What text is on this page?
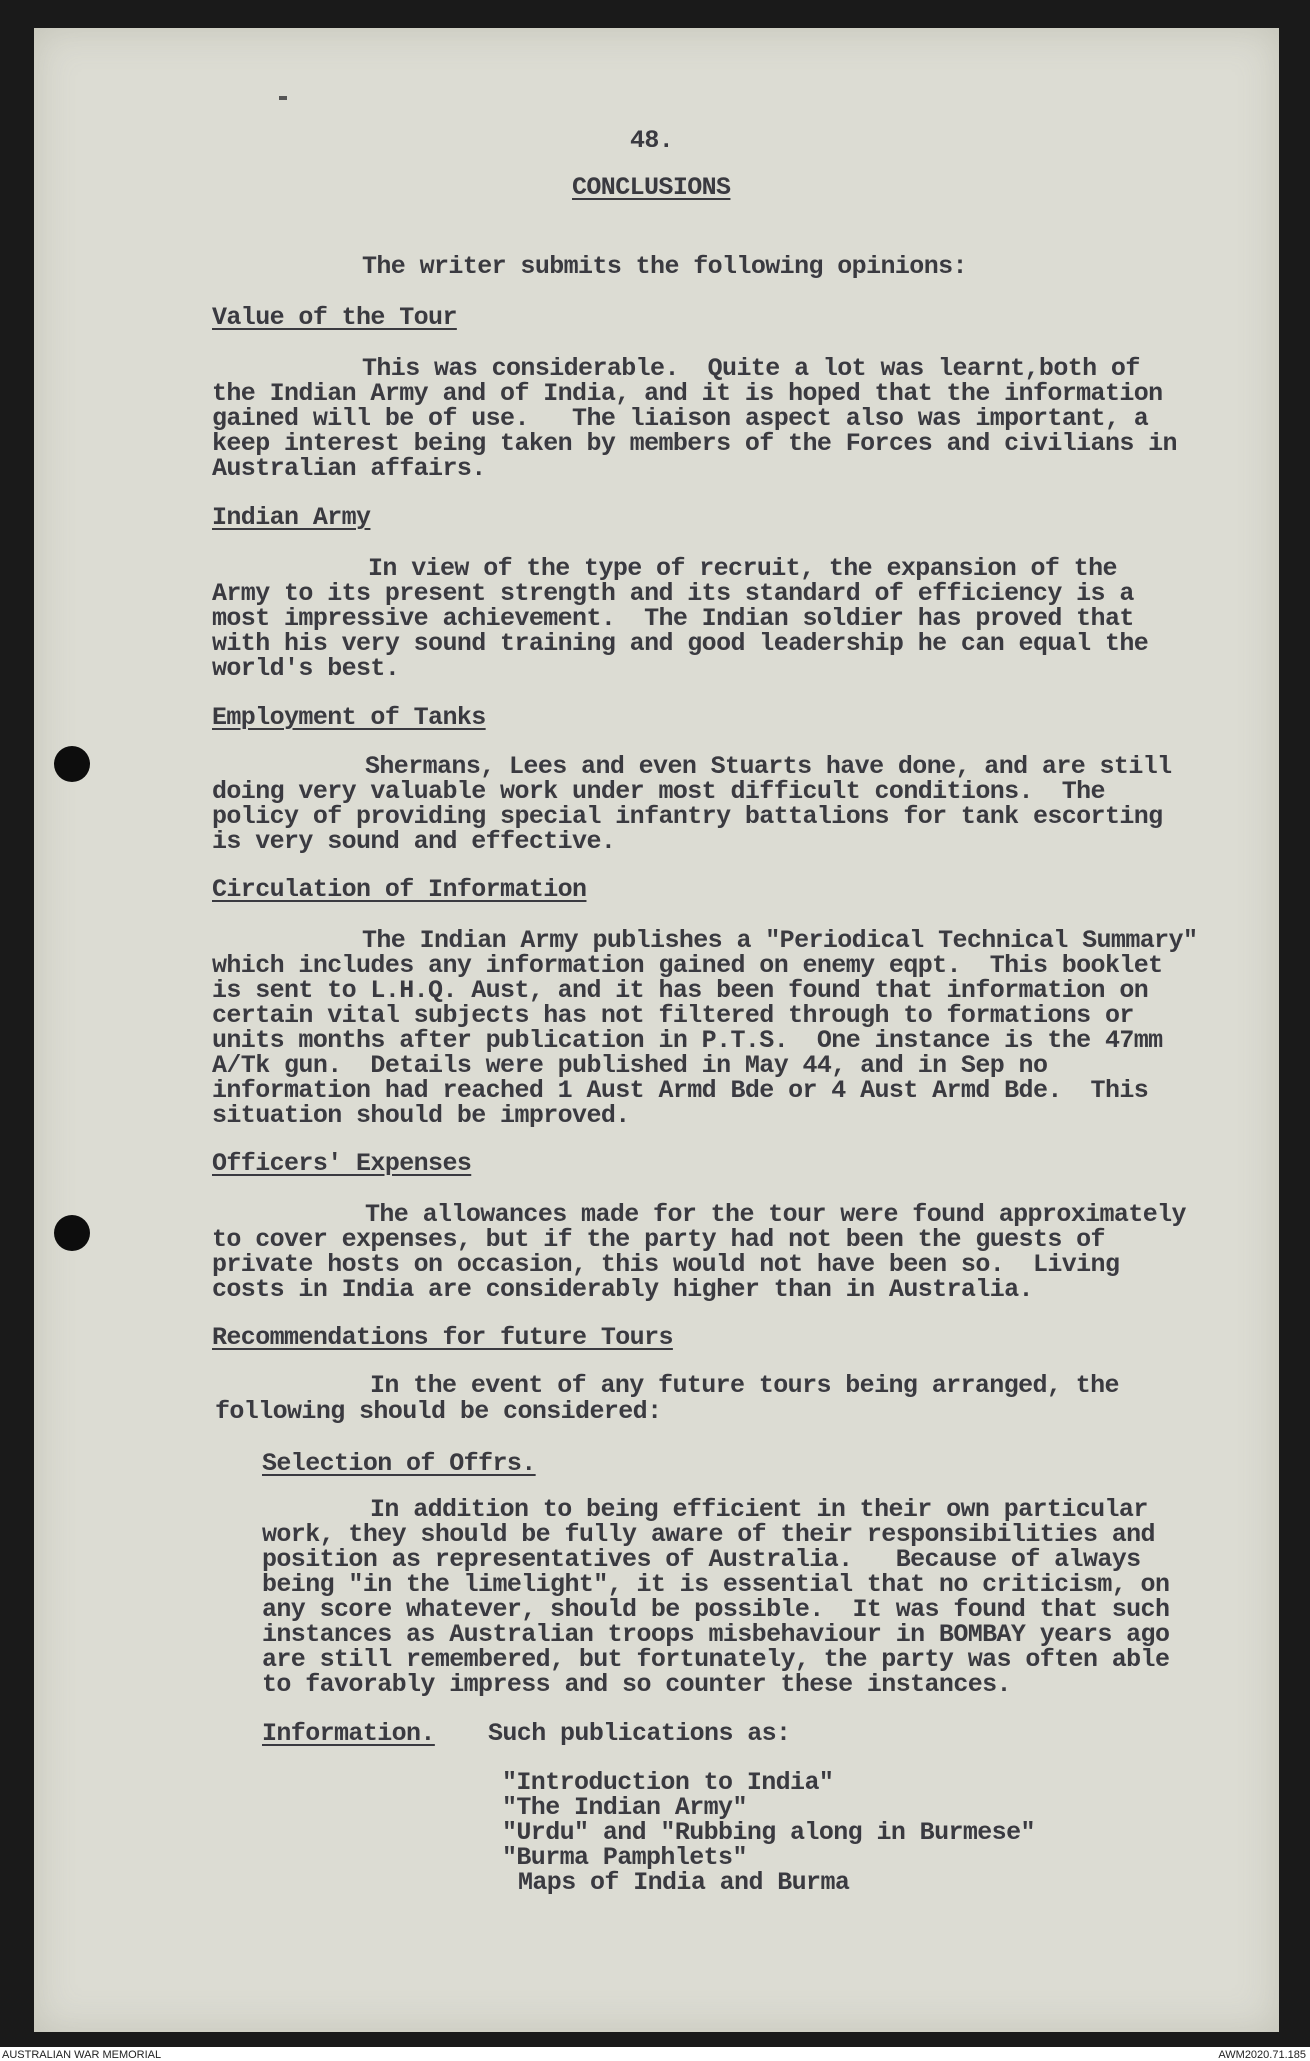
48.
CONCLUSIONS
The writer submits the following opinions:
Value of the Tour
This was considerable.  Quite a lot was learnt,both of
the Indian Army and of India, and it is hoped that the information
gained will be of use.   The liaison aspect also was important, a
keep interest being taken by members of the Forces and civilians in
Australian affairs.
Indian Army
In view of the type of recruit, the expansion of the
Army to its present strength and its standard of efficiency is a
most impressive achievement.  The Indian soldier has proved that
with his very sound training and good leadership he can equal the
world's best.
Employment of Tanks
Shermans, Lees and even Stuarts have done, and are still
doing very valuable work under most difficult conditions.  The
policy of providing special infantry battalions for tank escorting
is very sound and effective.
Circulation of Information
The Indian Army publishes a "Periodical Technical Summary"
which includes any information gained on enemy eqpt.  This booklet
is sent to L.H.Q. Aust, and it has been found that information on
certain vital subjects has not filtered through to formations or
units months after publication in P.T.S.  One instance is the 47mm
A/Tk gun.  Details were published in May 44, and in Sep no
information had reached 1 Aust Armd Bde or 4 Aust Armd Bde.  This
situation should be improved.
Officers' Expenses
The allowances made for the tour were found approximately
to cover expenses, but if the party had not been the guests of
private hosts on occasion, this would not have been so.  Living
costs in India are considerably higher than in Australia.
Recommendations for future Tours
In the event of any future tours being arranged, the
following should be considered:
Selection of Offrs.
In addition to being efficient in their own particular
work, they should be fully aware of their responsibilities and
position as representatives of Australia.   Because of always
being "in the limelight", it is essential that no criticism, on
any score whatever, should be possible.  It was found that such
instances as Australian troops misbehaviour in BOMBAY years ago
are still remembered, but fortunately, the party was often able
to favorably impress and so counter these instances.
Information. Such publications as:
"Introduction to India"
"The Indian Army"
"Urdu" and "Rubbing along in Burmese"
"Burma Pamphlets"
Maps of India and Burma
AUSTRALIAN WAR MEMORIAL	AWM2020.71.185
